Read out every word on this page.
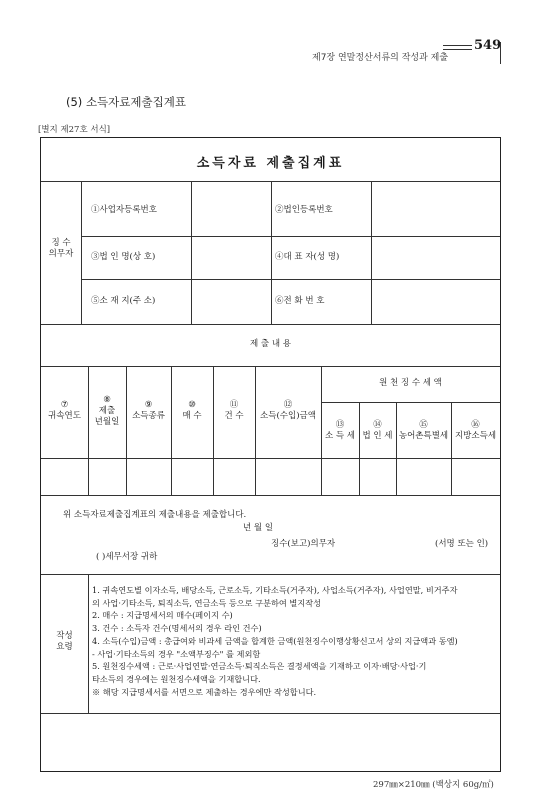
549
제7장 연말정산서류의 작성과 제출
(5) 소득자료제출집계표
[별지 제27호 서식]
소득자료 제출집계표
징 수
의무자
①사업자등록번호	②법인등록번호
③법 인 명(상 호)	④대 표 자(성 명)
⑤소 재 지(주 소)	⑥전 화 번 호
제 출 내 용
⑦
귀속연도
⑧
제출
년월일
⑨
소득종류
⑩
매 수
⑪
건 수
⑫
소득(수입)금액
원 천 징 수 세 액
⑬
소 득 세
⑭
법 인 세
⑮
농어촌특별세
⑯
지방소득세
위 소득자료제출집계표의 제출내용을 제출합니다.
년 월 일
징수(보고)의무자	(서명 또는 인)
( )세무서장 귀하
작성
요령
1. 귀속연도별 이자소득, 배당소득, 근로소득, 기타소득(거주자), 사업소득(거주자), 사업연말, 비거주자
의 사업·기타소득, 퇴직소득, 연금소득 등으로 구분하여 별지작성
2. 매수 : 지급명세서의 매수(페이지 수)
3. 건수 : 소득자 건수(명세서의 경우 라인 건수)
4. 소득(수입)금액 : 총급여와 비과세 금액을 합계한 금액(원천징수이행상황신고서 상의 지급액과 동엠)
- 사업·기타소득의 경우 "소액부징수" 를 제외함
5. 원천징수세액 : 근로·사업연말·연금소득·퇴직소득은 결정세액을 기재하고 이자·배당·사업·기
타소득의 경우에는 원천징수세액을 기재합니다.
※ 해당 지급명세서를 서면으로 제출하는 경우에만 작성합니다.
297㎜×210㎜ (백상지 60g/㎡)
